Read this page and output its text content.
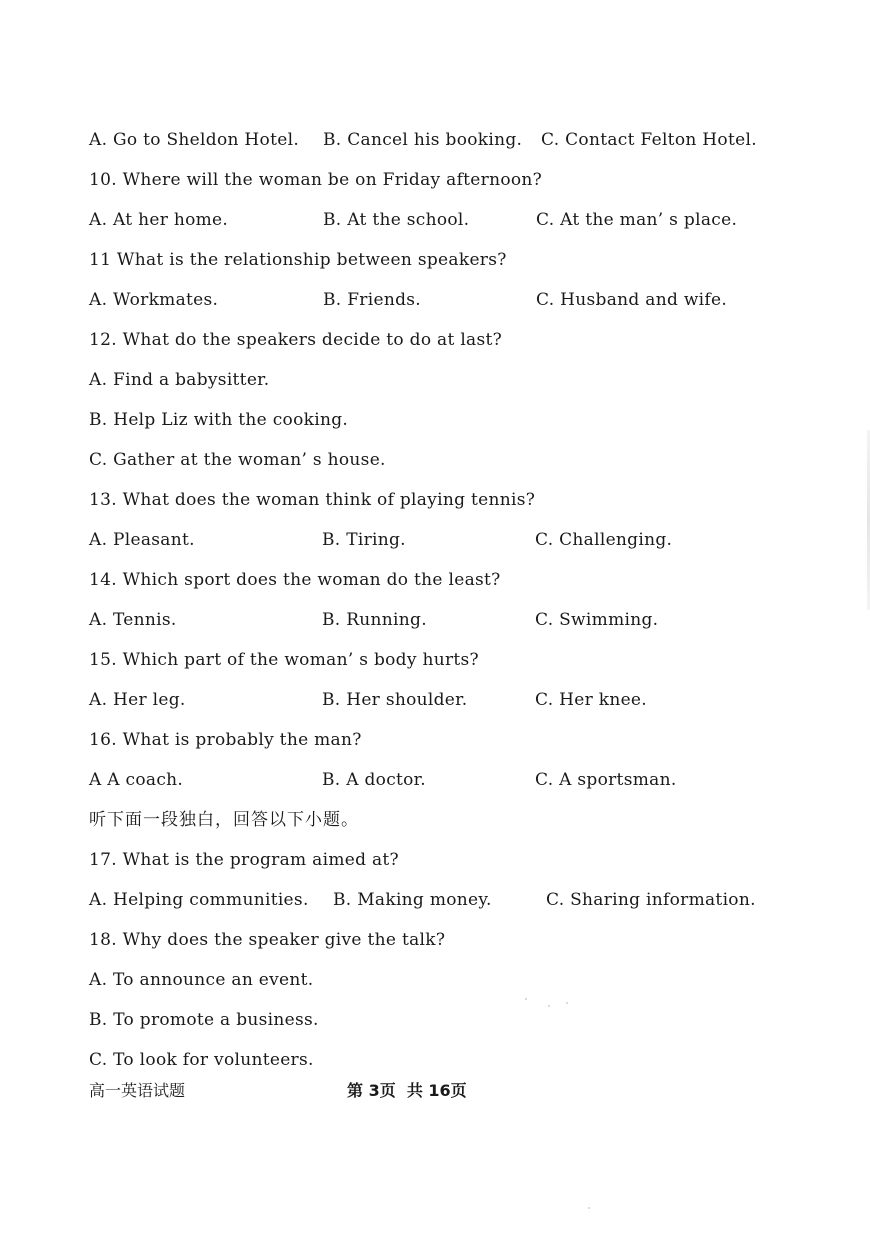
A. Go to Sheldon Hotel.

B. Cancel his booking.

C. Contact Felton Hotel.

10. Where will the woman be on Friday afternoon?

A. At her home.

	B. At the school.

	C. At the man’ s place.

11 What is the relationship between speakers?

A. Workmates.

	B. Friends.

	C. Husband and wife.

12. What do the speakers decide to do at last?
A. Find a babysitter.
B. Help Liz with the cooking.
C. Gather at the woman’ s house.
13. What does the woman think of playing tennis?

A. Pleasant.

	B. Tiring.

	C. Challenging.

14. Which sport does the woman do the least?

A. Tennis.

	B. Running.

	C. Swimming.

15. Which part of the woman’ s body hurts?

A. Her leg.

	B. Her shoulder.

	C. Her knee.

16. What is probably the man?

A A coach.

	B. A doctor.

	C. A sportsman.

听下面一段独白，回答以下小题。
17. What is the program aimed at?

A. Helping communities.

B. Making money.

	C. Sharing information.

18. Why does the speaker give the talk?
A. To announce an event.
B. To promote a business.
C. To look for volunteers.
高一英语试题	第 3页  共 16页
